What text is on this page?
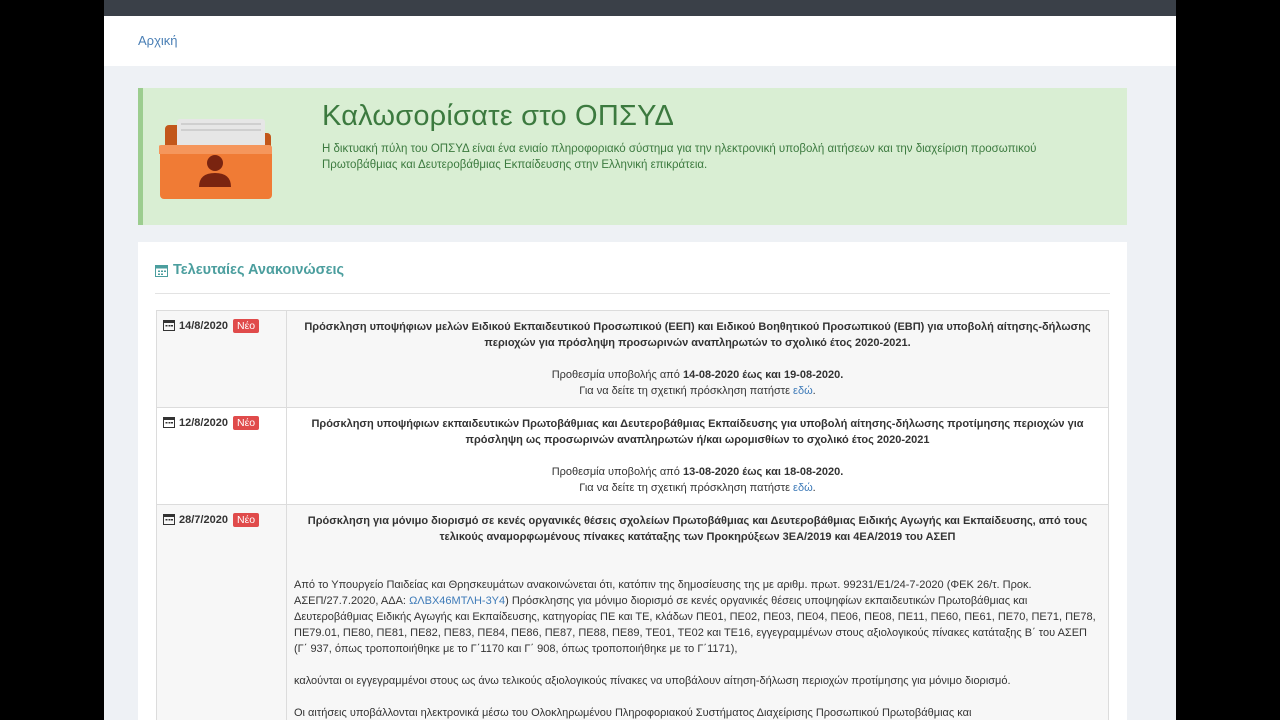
Αρχική
Καλωσορίσατε στο ΟΠΣΥΔ

Η δικτυακή πύλη του ΟΠΣΥΔ είναι ένα ενιαίο πληροφοριακό σύστημα για την ηλεκτρονική υποβολή αιτήσεων και την διαχείριση προσωπικού Πρωτοβάθμιας και Δευτεροβάθμιας Εκπαίδευσης στην Ελληνική επικράτεια.

Τελευταίες Ανακοινώσεις
14/8/2020 Νέο	Πρόσκληση υποψήφιων μελών Ειδικού Εκπαιδευτικού Προσωπικού (ΕΕΠ) και Ειδικού Βοηθητικού Προσωπικού (ΕΒΠ) για υποβολή αίτησης-δήλωσης περιοχών για πρόσληψη προσωρινών αναπληρωτών το σχολικό έτος 2020-2021.
Προθεσμία υποβολής από 14-08-2020 έως και 19-08-2020.
Για να δείτε τη σχετική πρόσκληση πατήστε εδώ.
12/8/2020 Νέο	Πρόσκληση υποψήφιων εκπαιδευτικών Πρωτοβάθμιας και Δευτεροβάθμιας Εκπαίδευσης για υποβολή αίτησης-δήλωσης προτίμησης περιοχών για πρόσληψη ως προσωρινών αναπληρωτών ή/και ωρομισθίων το σχολικό έτος 2020-2021
Προθεσμία υποβολής από 13-08-2020 έως και 18-08-2020.
Για να δείτε τη σχετική πρόσκληση πατήστε εδώ.
28/7/2020 Νέο	Πρόσκληση για μόνιμο διορισμό σε κενές οργανικές θέσεις σχολείων Πρωτοβάθμιας και Δευτεροβάθμιας Ειδικής Αγωγής και Εκπαίδευσης, από τους τελικούς αναμορφωμένους πίνακες κατάταξης των Προκηρύξεων 3ΕΑ/2019 και 4ΕΑ/2019 του ΑΣΕΠ
Από το Υπουργείο Παιδείας και Θρησκευμάτων ανακοινώνεται ότι, κατόπιν της δημοσίευσης της με αριθμ. πρωτ. 99231/Ε1/24-7-2020 (ΦΕΚ 26/τ. Προκ. ΑΣΕΠ/27.7.2020, ΑΔΑ: ΩΛΒΧ46ΜΤΛΗ-3Υ4) Πρόσκλησης για μόνιμο διορισμό σε κενές οργανικές θέσεις υποψηφίων εκπαιδευτικών Πρωτοβάθμιας και Δευτεροβάθμιας Ειδικής Αγωγής και Εκπαίδευσης, κατηγορίας ΠΕ και ΤΕ, κλάδων ΠΕ01, ΠΕ02, ΠΕ03, ΠΕ04, ΠΕ06, ΠΕ08, ΠΕ11, ΠΕ60, ΠΕ61, ΠΕ70, ΠΕ71, ΠΕ78, ΠΕ79.01, ΠΕ80, ΠΕ81, ΠΕ82, ΠΕ83, ΠΕ84, ΠΕ86, ΠΕ87, ΠΕ88, ΠΕ89, ΤΕ01, ΤΕ02 και ΤΕ16, εγγεγραμμένων στους αξιολογικούς πίνακες κατάταξης Β΄ του ΑΣΕΠ (Γ΄ 937, όπως τροποποιήθηκε με το Γ΄1170 και Γ΄ 908, όπως τροποποιήθηκε με το Γ΄1171),
καλούνται οι εγγεγραμμένοι στους ως άνω τελικούς αξιολογικούς πίνακες να υποβάλουν αίτηση-δήλωση περιοχών προτίμησης για μόνιμο διορισμό.
Οι αιτήσεις υποβάλλονται ηλεκτρονικά μέσω του Ολοκληρωμένου Πληροφοριακού Συστήματος Διαχείρισης Προσωπικού Πρωτοβάθμιας και
